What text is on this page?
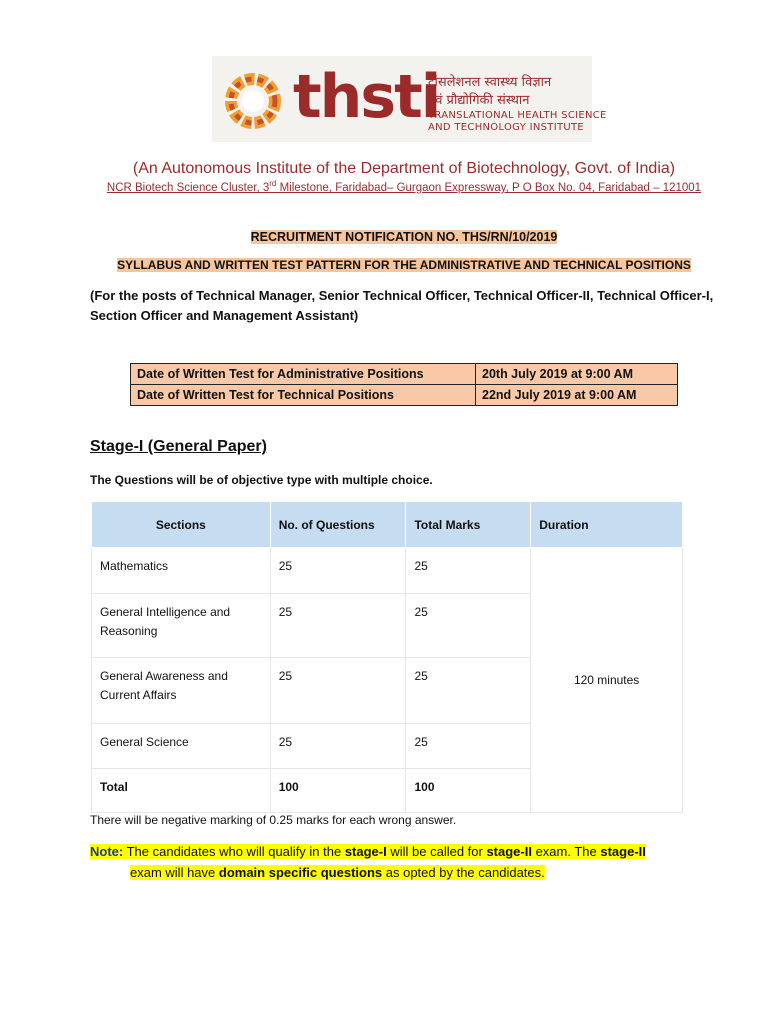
thsti
ट्रांसलेशनल स्वास्थ्य विज्ञान
एवं प्रौद्योगिकी संस्थान
TRANSLATIONAL HEALTH SCIENCE
AND TECHNOLOGY INSTITUTE
(An Autonomous Institute of the Department of Biotechnology, Govt. of India)
NCR Biotech Science Cluster, 3rd Milestone, Faridabad– Gurgaon Expressway, P O Box No. 04, Faridabad – 121001
RECRUITMENT NOTIFICATION NO. THS/RN/10/2019
SYLLABUS AND WRITTEN TEST PATTERN FOR THE ADMINISTRATIVE AND TECHNICAL POSITIONS
(For the posts of Technical Manager, Senior Technical Officer, Technical Officer-II, Technical Officer-I, Section Officer and Management Assistant)
Date of Written Test for Administrative Positions	20th July 2019 at 9:00 AM
Date of Written Test for Technical Positions	22nd July 2019 at 9:00 AM
Stage-I (General Paper)
The Questions will be of objective type with multiple choice.
Sections	No. of Questions	Total Marks	Duration
Mathematics	25	25	120 minutes
General Intelligence and Reasoning	25	25	
General Awareness and Current Affairs	25	25	
General Science	25	25	
Total	100	100	
There will be negative marking of 0.25 marks for each wrong answer.
Note: The candidates who will qualify in the stage-I will be called for stage-II exam. The stage-II
exam will have domain specific questions as opted by the candidates.
